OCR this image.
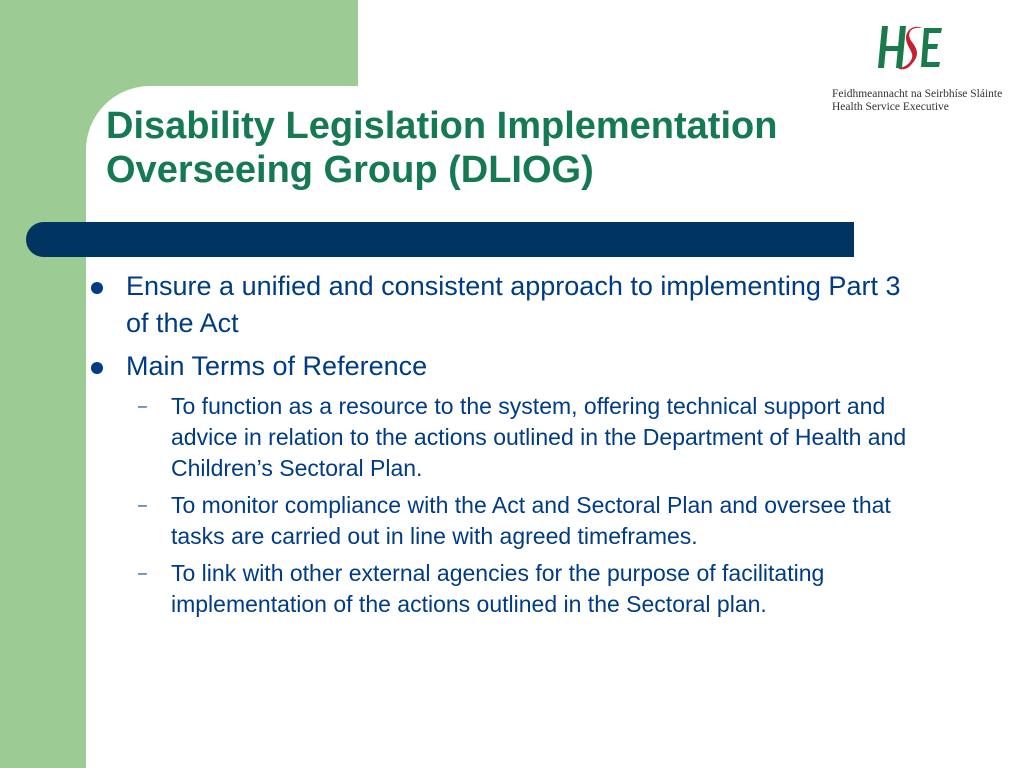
Feidhmeannacht na Seirbhíse Sláinte
Health Service Executive
Disability Legislation Implementation
Overseeing Group (DLIOG)
Ensure a unified and consistent approach to implementing Part 3 of the Act
Main Terms of Reference
– To function as a resource to the system, offering technical support and advice in relation to the actions outlined in the Department of Health and Children’s Sectoral Plan.
– To monitor compliance with the Act and Sectoral Plan and oversee that tasks are carried out in line with agreed timeframes.
– To link with other external agencies for the purpose of facilitating implementation of the actions outlined in the Sectoral plan.
